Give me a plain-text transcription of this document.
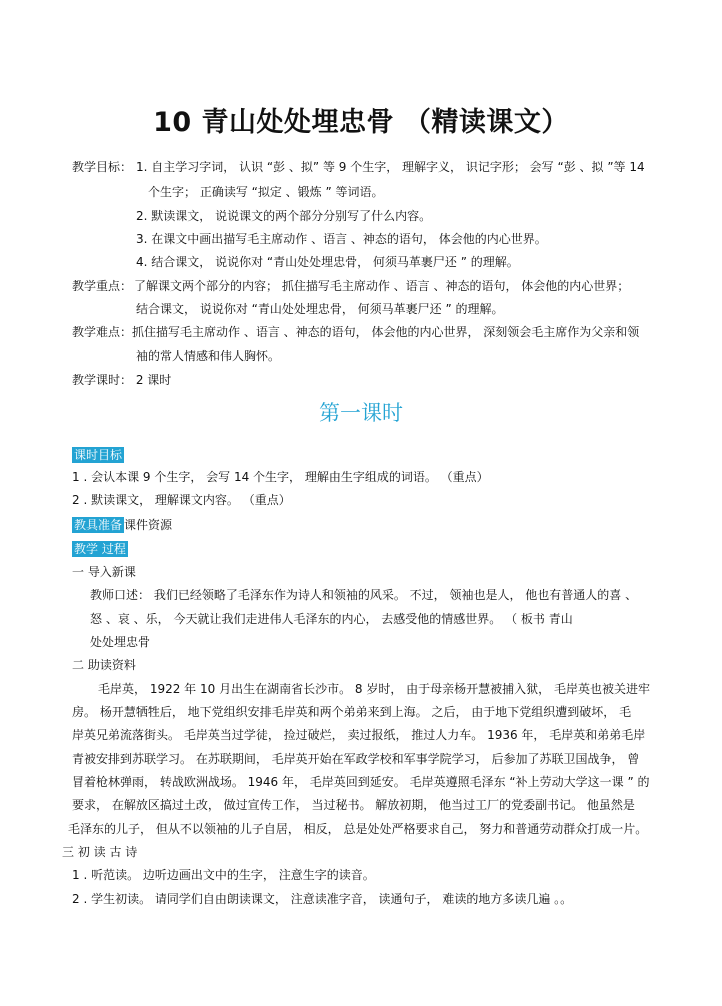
10 青山处处埋忠骨 （精读课文）
教学目标： 1. 自主学习字词， 认识 “彭 、拟” 等 9 个生字， 理解字义， 识记字形； 会写 “彭 、拟 ”等 14
个生字； 正确读写 “拟定 、锻炼 ” 等词语。
2. 默读课文， 说说课文的两个部分分别写了什么内容。
3. 在课文中画出描写毛主席动作 、语言 、神态的语句， 体会他的内心世界。
4. 结合课文， 说说你对 “青山处处埋忠骨， 何须马革裹尸还 ” 的理解。
教学重点： 了解课文两个部分的内容； 抓住描写毛主席动作 、语言 、神态的语句， 体会他的内心世界；
结合课文， 说说你对 “青山处处埋忠骨， 何须马革裹尸还 ” 的理解。
教学难点： 抓住描写毛主席动作 、语言 、神态的语句， 体会他的内心世界， 深刻领会毛主席作为父亲和领
袖的常人情感和伟人胸怀。
教学课时： 2 课时
第一课时
课时目标
1 . 会认本课 9 个生字， 会写 14 个生字， 理解由生字组成的词语。 （重点）
2 . 默读课文， 理解课文内容。 （重点）
教具准备 课件资源
教学 过程
一 导入新课
教师口述： 我们已经领略了毛泽东作为诗人和领袖的风采。 不过， 领袖也是人， 他也有普通人的喜 、
怒 、哀 、乐， 今天就让我们走进伟人毛泽东的内心， 去感受他的情感世界。 （ 板书 青山
处处埋忠骨
二 助读资料
毛岸英， 1922 年 10 月出生在湖南省长沙市。 8 岁时， 由于母亲杨开慧被捕入狱， 毛岸英也被关进牢
房。 杨开慧牺牲后， 地下党组织安排毛岸英和两个弟弟来到上海。 之后， 由于地下党组织遭到破坏， 毛
岸英兄弟流落街头。 毛岸英当过学徒， 捡过破烂， 卖过报纸， 推过人力车。 1936 年， 毛岸英和弟弟毛岸
青被安排到苏联学习。 在苏联期间， 毛岸英开始在军政学校和军事学院学习， 后参加了苏联卫国战争， 曾
冒着枪林弹雨， 转战欧洲战场。 1946 年， 毛岸英回到延安。 毛岸英遵照毛泽东 “补上劳动大学这一课 ” 的
要求， 在解放区搞过土改， 做过宣传工作， 当过秘书。 解放初期， 他当过工厂的党委副书记。 他虽然是
毛泽东的儿子， 但从不以领袖的儿子自居， 相反， 总是处处严格要求自己， 努力和普通劳动群众打成一片。
三 初 读 古 诗
1 . 听范读。 边听边画出文中的生字， 注意生字的读音。
2 . 学生初读。 请同学们自由朗读课文， 注意读准字音， 读通句子， 难读的地方多读几遍 。。
